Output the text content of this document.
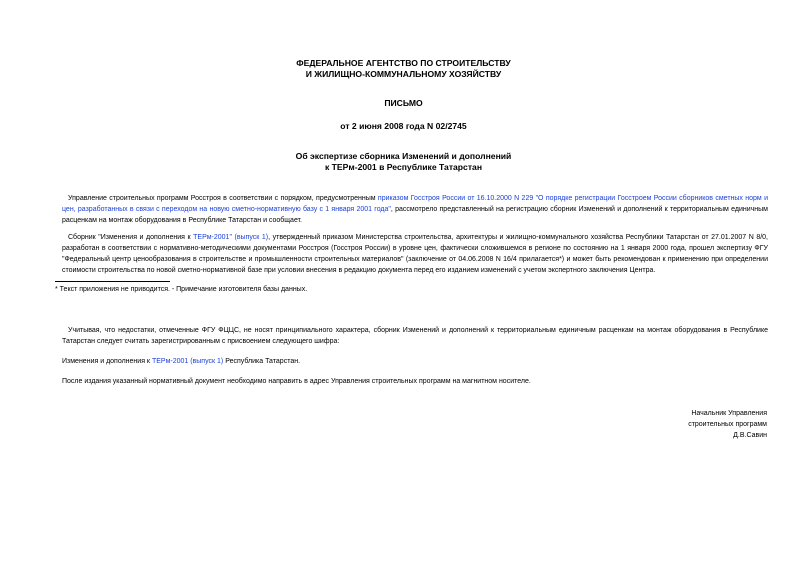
ФЕДЕРАЛЬНОЕ АГЕНТСТВО ПО СТРОИТЕЛЬСТВУ
И ЖИЛИЩНО-КОММУНАЛЬНОМУ ХОЗЯЙСТВУ
ПИСЬМО
от 2 июня 2008 года N 02/2745
Об экспертизе сборника Изменений и дополнений
к ТЕРм-2001 в Республике Татарстан
Управление строительных программ Росстроя в соответствии с порядком, предусмотренным приказом Госстроя России от 16.10.2000 N 229 "О порядке регистрации Госстроем России сборников сметных норм и цен, разработанных в связи с переходом на новую сметно-нормативную базу с 1 января 2001 года", рассмотрело представленный на регистрацию сборник Изменений и дополнений к территориальным единичным расценкам на монтаж оборудования в Республике Татарстан и сообщает.
Сборник "Изменения и дополнения к ТЕРм-2001" (выпуск 1), утвержденный приказом Министерства строительства, архитектуры и жилищно-коммунального хозяйства Республики Татарстан от 27.01.2007 N 8/0, разработан в соответствии с нормативно-методическими документами Росстроя (Госстроя России) в уровне цен, фактически сложившемся в регионе по состоянию на 1 января 2000 года, прошел экспертизу ФГУ "Федеральный центр ценообразования в строительстве и промышленности строительных материалов" (заключение от 04.06.2008 N 16/4 прилагается*) и может быть рекомендован к применению при определении стоимости строительства по новой сметно-нормативной базе при условии внесения в редакцию документа перед его изданием изменений с учетом экспертного заключения Центра.
* Текст приложения не приводится. - Примечание изготовителя базы данных.
Учитывая, что недостатки, отмеченные ФГУ ФЦЦС, не носят принципиального характера, сборник Изменений и дополнений к территориальным единичным расценкам на монтаж оборудования в Республике Татарстан следует считать зарегистрированным с присвоением следующего шифра:
Изменения и дополнения к ТЕРм-2001 (выпуск 1) Республика Татарстан.
После издания указанный нормативный документ необходимо направить в адрес Управления строительных программ на магнитном носителе.
Начальник Управления
строительных программ
Д.В.Савин
